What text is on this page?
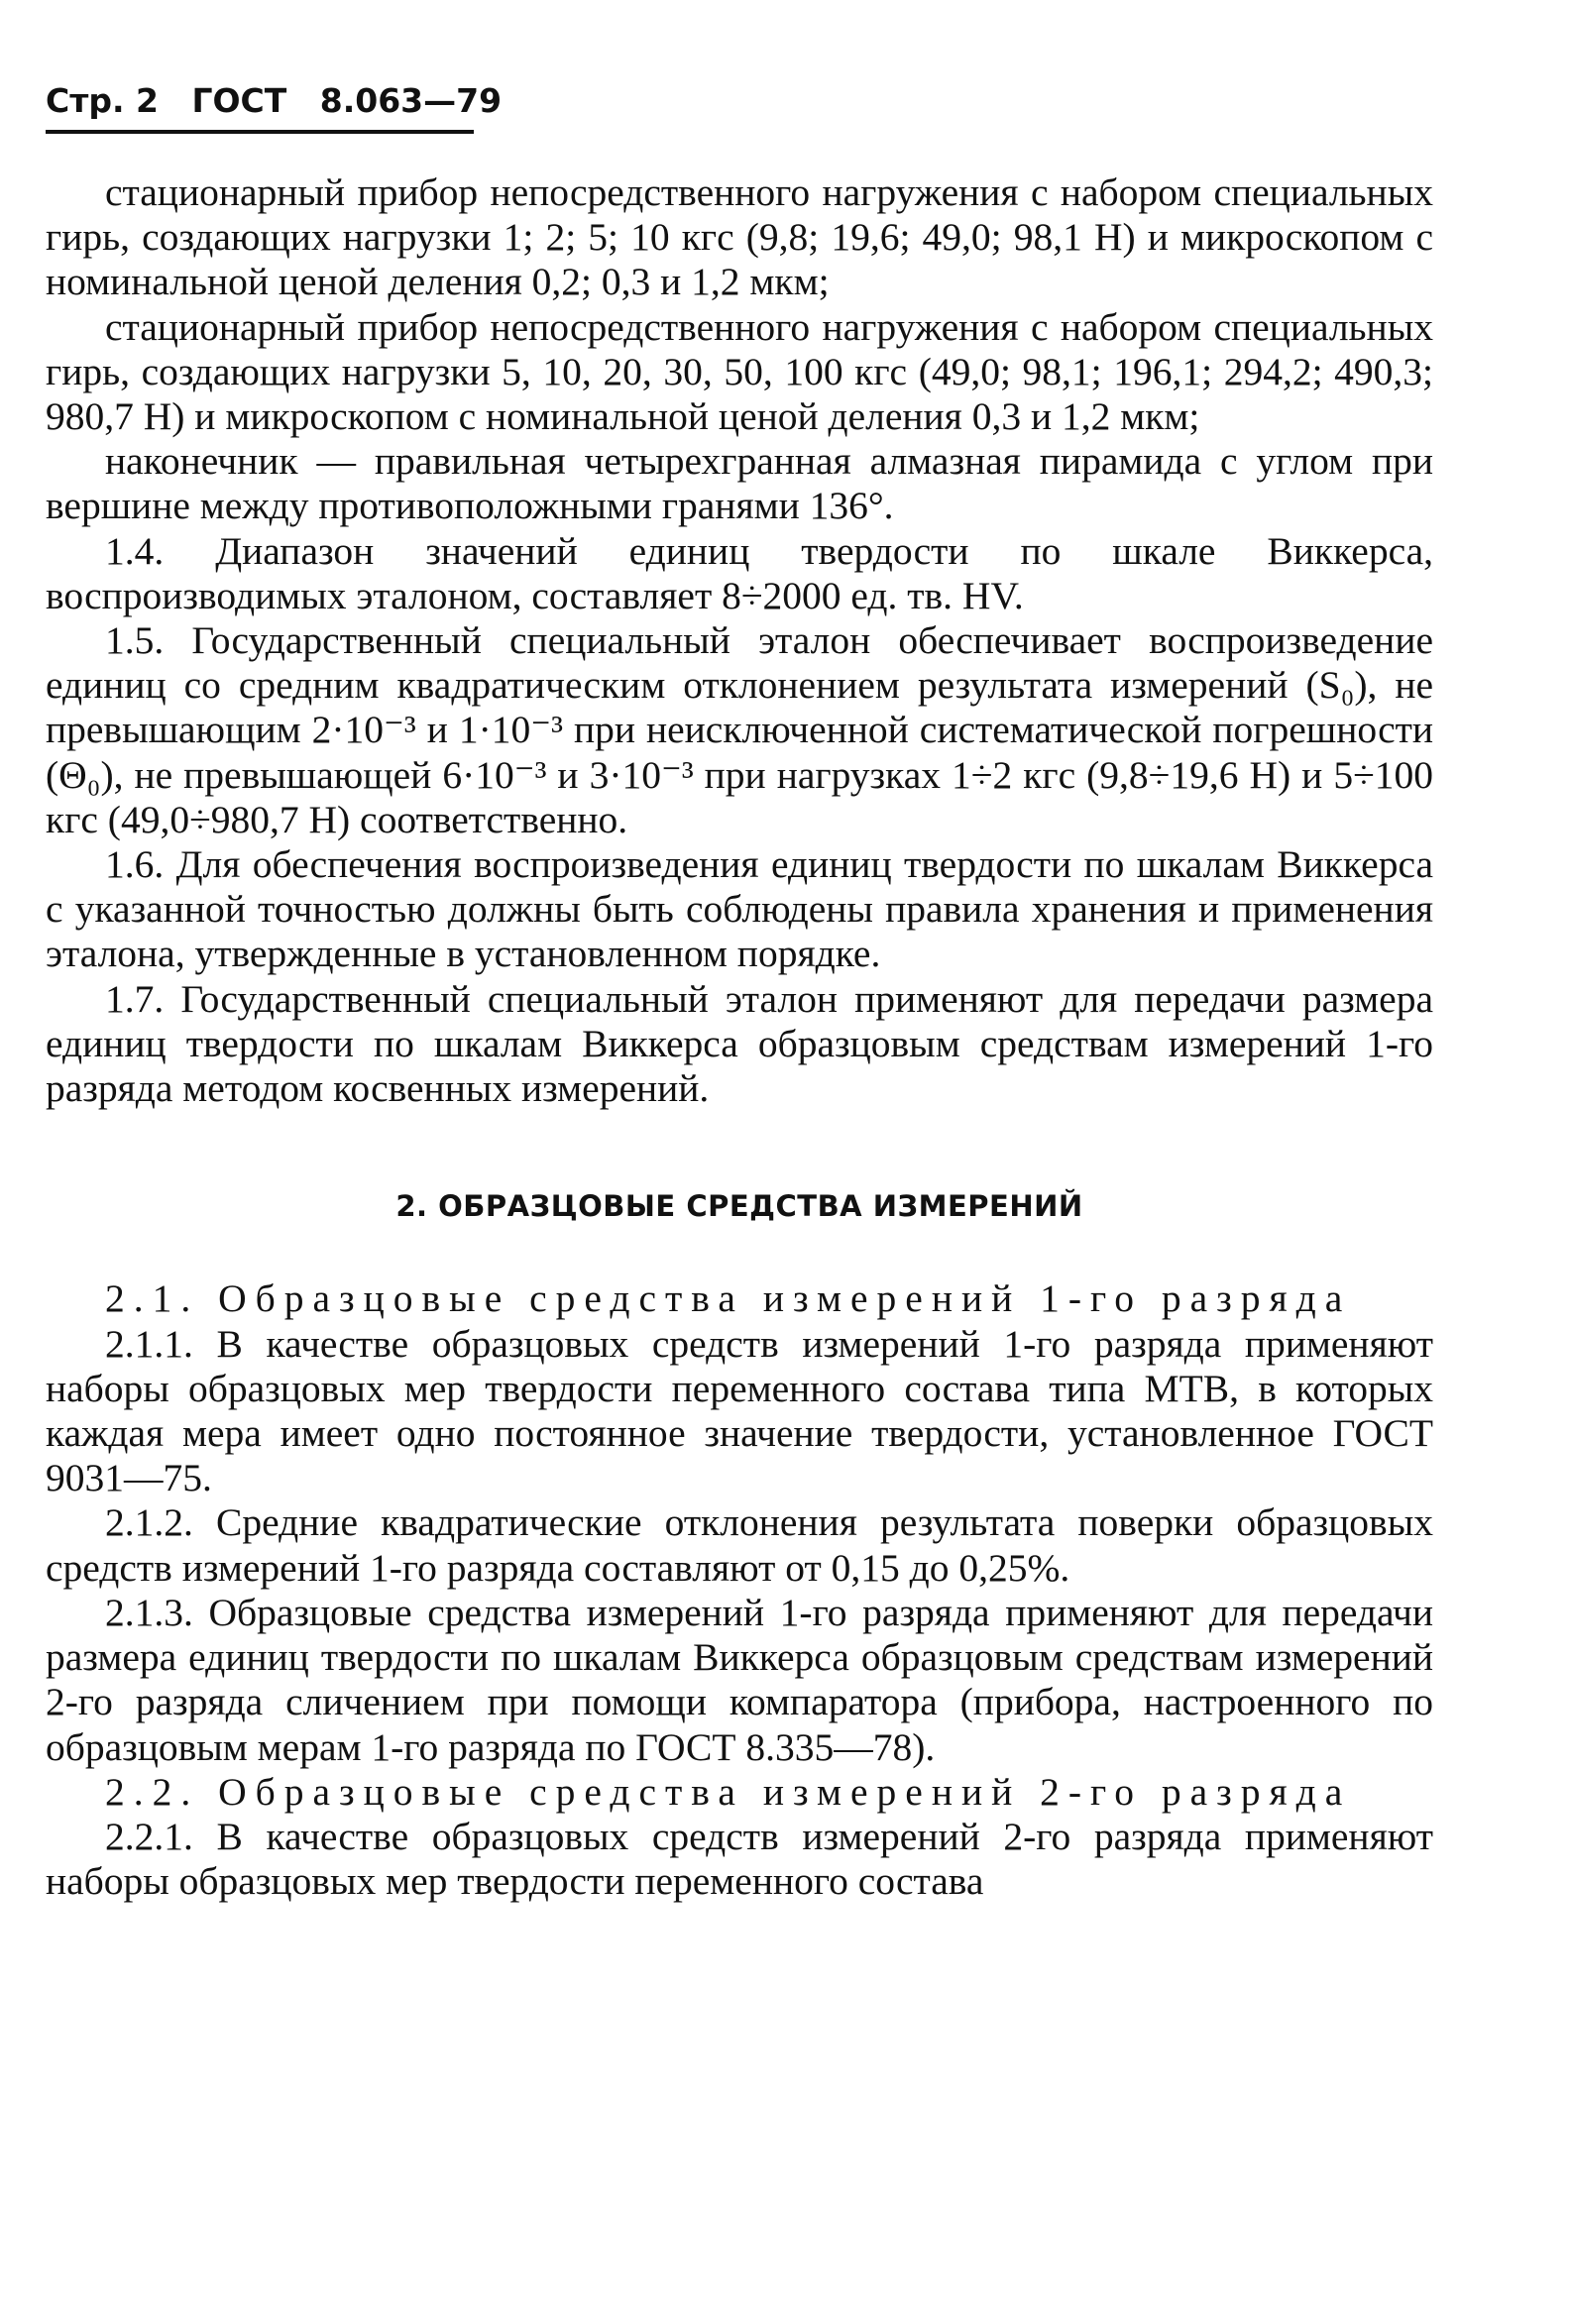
Стр. 2 ГОСТ 8.063—79

стационарный прибор непосредственного нагружения с набором специальных гирь, создающих нагрузки 1; 2; 5; 10 кгс (9,8; 19,6; 49,0; 98,1 Н) и микроскопом с номинальной ценой деления 0,2; 0,3 и 1,2 мкм;

стационарный прибор непосредственного нагружения с набором специальных гирь, создающих нагрузки 5, 10, 20, 30, 50, 100 кгс (49,0; 98,1; 196,1; 294,2; 490,3; 980,7 Н) и микроскопом с номинальной ценой деления 0,3 и 1,2 мкм;

наконечник — правильная четырехгранная алмазная пирамида с углом при вершине между противоположными гранями 136°.

1.4. Диапазон значений единиц твердости по шкале Виккерса, воспроизводимых эталоном, составляет 8÷2000 ед. тв. HV.

1.5. Государственный специальный эталон обеспечивает воспроизведение единиц со средним квадратическим отклонением результата измерений (S₀), не превышающим 2·10⁻³ и 1·10⁻³ при неисключенной систематической погрешности (Θ₀), не превышающей 6·10⁻³ и 3·10⁻³ при нагрузках 1÷2 кгс (9,8÷19,6 Н) и 5÷100 кгс (49,0÷980,7 Н) соответственно.

1.6. Для обеспечения воспроизведения единиц твердости по шкалам Виккерса с указанной точностью должны быть соблюдены правила хранения и применения эталона, утвержденные в установленном порядке.

1.7. Государственный специальный эталон применяют для передачи размера единиц твердости по шкалам Виккерса образцовым средствам измерений 1-го разряда методом косвенных измерений.

2. ОБРАЗЦОВЫЕ СРЕДСТВА ИЗМЕРЕНИЙ

2.1. Образцовые средства измерений 1-го разряда

2.1.1. В качестве образцовых средств измерений 1-го разряда применяют наборы образцовых мер твердости переменного состава типа МТВ, в которых каждая мера имеет одно постоянное значение твердости, установленное ГОСТ 9031—75.

2.1.2. Средние квадратические отклонения результата поверки образцовых средств измерений 1-го разряда составляют от 0,15 до 0,25%.

2.1.3. Образцовые средства измерений 1-го разряда применяют для передачи размера единиц твердости по шкалам Виккерса образцовым средствам измерений 2-го разряда сличением при помощи компаратора (прибора, настроенного по образцовым мерам 1-го разряда по ГОСТ 8.335—78).

2.2. Образцовые средства измерений 2-го разряда

2.2.1. В качестве образцовых средств измерений 2-го разряда применяют наборы образцовых мер твердости переменного состава
